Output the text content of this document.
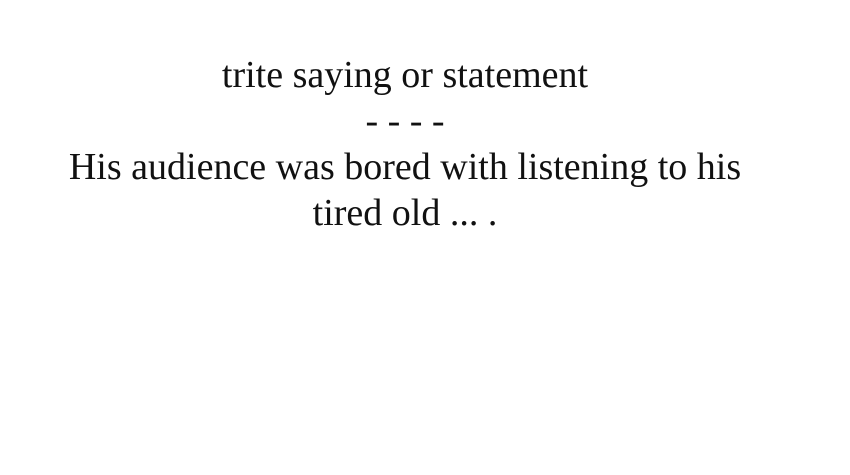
trite saying or statement
- - - -
His audience was bored with listening to his tired old ... .
